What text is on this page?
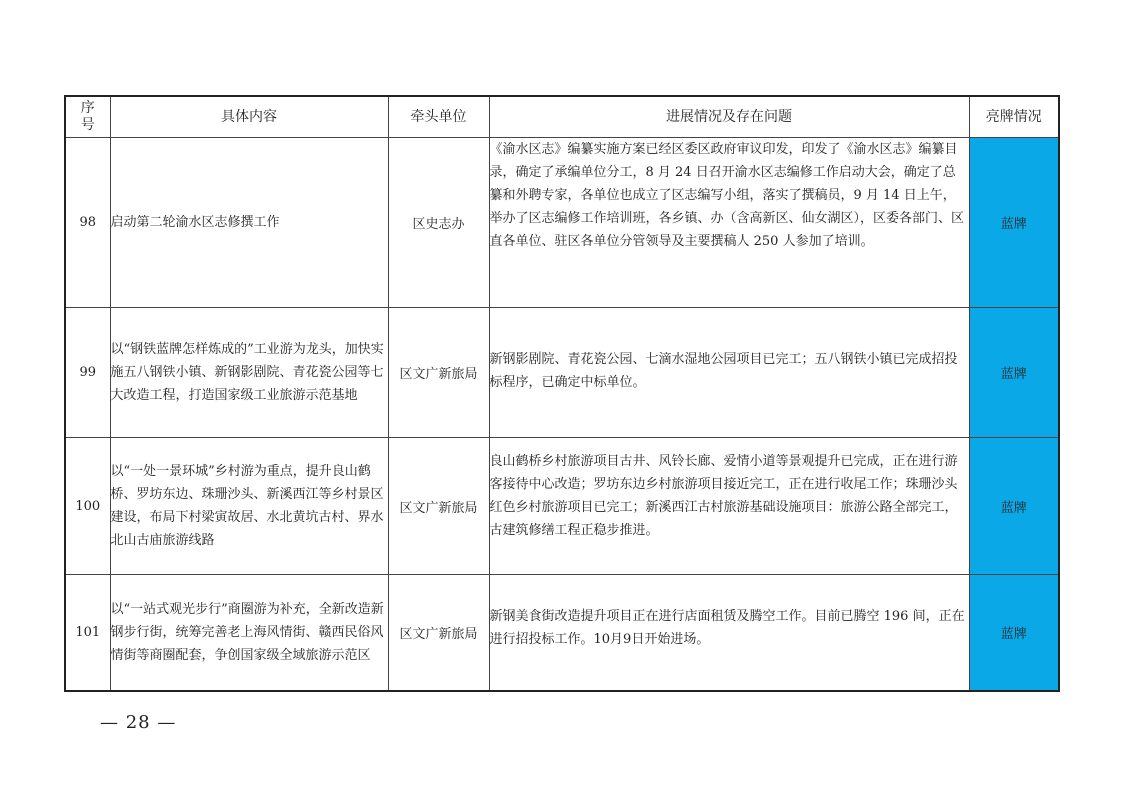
序号	具体内容	牵头单位	进展情况及存在问题	亮牌情况
98	启动第二轮渝水区志修撰工作	区史志办	《渝水区志》编纂实施方案已经区委区政府审议印发，印发了《渝水区志》编纂目录，确定了承编单位分工，8 月 24 日召开渝水区志编修工作启动大会，确定了总纂和外聘专家，各单位也成立了区志编写小组，落实了撰稿员，9 月 14 日上午，举办了区志编修工作培训班，各乡镇、办（含高新区、仙女湖区），区委各部门、区直各单位、驻区各单位分管领导及主要撰稿人 250 人参加了培训。	蓝牌
99	以“钢铁蓝牌怎样炼成的”工业游为龙头，加快实施五八钢铁小镇、新钢影剧院、青花瓷公园等七大改造工程，打造国家级工业旅游示范基地	区文广新旅局	新钢影剧院、青花瓷公园、七滴水湿地公园项目已完工；五八钢铁小镇已完成招投标程序，已确定中标单位。	蓝牌
100	以“一处一景环城”乡村游为重点，提升良山鹤桥、罗坊东边、珠珊沙头、新溪西江等乡村景区建设，布局下村梁寅故居、水北黄坑古村、界水北山古庙旅游线路	区文广新旅局	良山鹤桥乡村旅游项目古井、风铃长廊、爱情小道等景观提升已完成，正在进行游客接待中心改造；罗坊东边乡村旅游项目接近完工，正在进行收尾工作；珠珊沙头红色乡村旅游项目已完工；新溪西江古村旅游基础设施项目：旅游公路全部完工，古建筑修缮工程正稳步推进。	蓝牌
101	以“一站式观光步行”商圈游为补充，全新改造新钢步行街，统筹完善老上海风情街、赣西民俗风情街等商圈配套，争创国家级全域旅游示范区	区文广新旅局	新钢美食街改造提升项目正在进行店面租赁及腾空工作。目前已腾空 196 间，正在进行招投标工作。10月9日开始进场。	蓝牌
— 28 —
